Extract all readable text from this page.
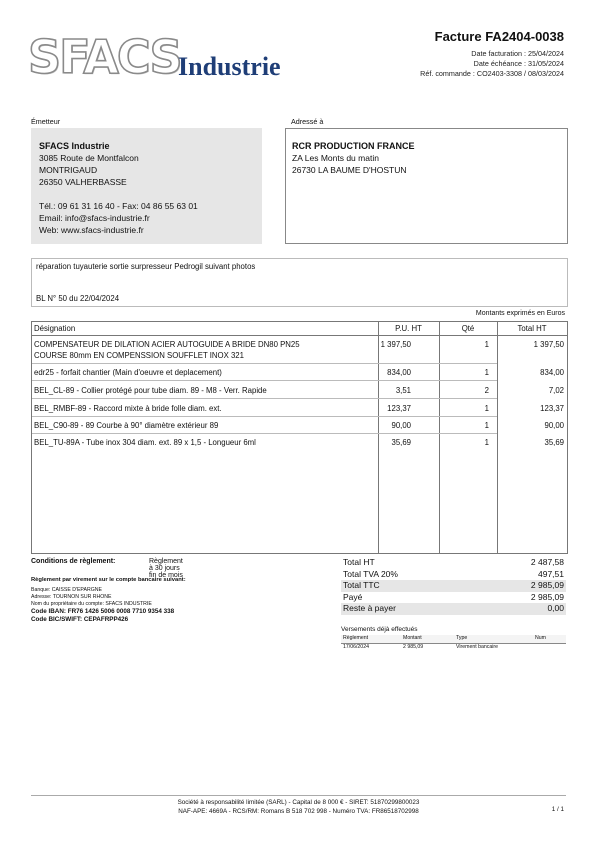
SFACS
Industrie
Facture FA2404-0038
Date facturation : 25/04/2024
Date échéance : 31/05/2024
Réf. commande : CO2403-3308 / 08/03/2024
Émetteur
SFACS Industrie
3085 Route de Montfalcon
MONTRIGAUD
26350 VALHERBASSE
Tél.: 09 61 31 16 40 - Fax: 04 86 55 63 01
Email: info@sfacs-industrie.fr
Web: www.sfacs-industrie.fr
Adressé à
RCR PRODUCTION FRANCE
ZA Les Monts du matin
26730 LA BAUME D'HOSTUN
réparation tuyauterie sortie surpresseur Pedrogil suivant photos
BL N° 50 du 22/04/2024
Montants exprimés en Euros
Désignation	P.U. HT	Qté	Total HT
COMPENSATEUR DE DILATION ACIER AUTOGUIDE A BRIDE DN80 PN25
COURSE 80mm EN COMPENSSION SOUFFLET INOX 321
1 397,50	1	1 397,50
edr25 - forfait chantier (Main d'oeuvre et deplacement)	834,00	1	834,00
BEL_CL-89 - Collier protégé pour tube diam. 89 - M8 - Verr. Rapide	3,51	2	7,02
BEL_RMBF-89 - Raccord mixte à bride folle diam. ext.	123,37	1	123,37
BEL_C90-89 - 89 Courbe à 90° diamètre extérieur 89	90,00	1	90,00
BEL_TU-89A - Tube inox 304 diam. ext. 89 x 1,5 - Longueur 6ml	35,69	1	35,69
Conditions de règlement:	Règlement à 30 jours fin de mois
Règlement par virement sur le compte bancaire suivant:
Banque: CAISSE D'EPARGNE
Adresse: TOURNON SUR RHONE
Nom du propriétaire du compte: SFACS INDUSTRIE
Code IBAN: FR76 1426 5006 0008 7710 9354 338
Code BIC/SWIFT: CEPAFRPP426
Total HT	2 487,58
Total TVA 20%	497,51
Total TTC	2 985,09
Payé	2 985,09
Reste à payer	0,00
Versements déjà effectués
Règlement	Montant	Type	Num
17/06/2024	2 985,09	Virement bancaire
Société à responsabilité limitée (SARL) - Capital de 8 000 € - SIRET: 51870299800023
NAF-APE: 4669A - RCS/RM: Romans B 518 702 998 - Numéro TVA: FR86518702998	1 / 1
